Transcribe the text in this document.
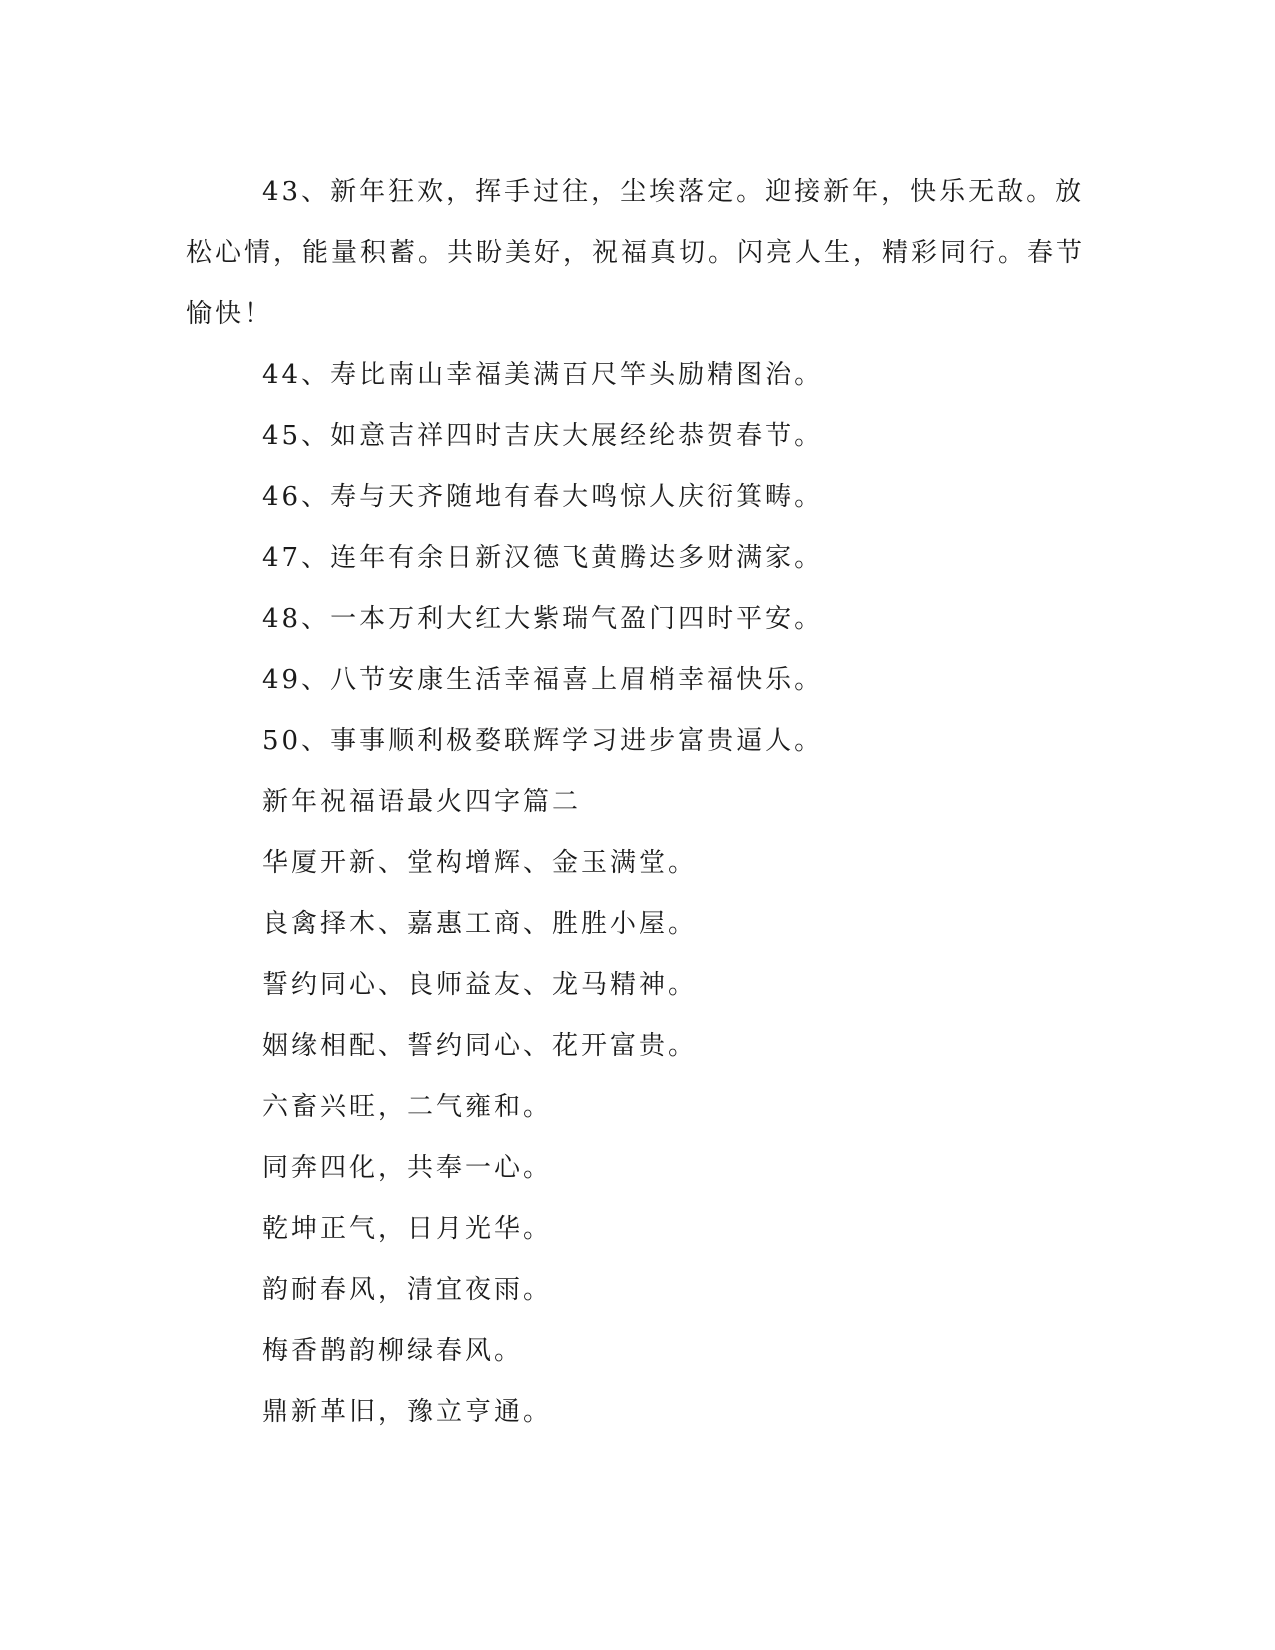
43、新年狂欢，挥手过往，尘埃落定。迎接新年，快乐无敌。放松心情，能量积蓄。共盼美好，祝福真切。闪亮人生，精彩同行。春节愉快！

44、寿比南山幸福美满百尺竿头励精图治。

45、如意吉祥四时吉庆大展经纶恭贺春节。

46、寿与天齐随地有春大鸣惊人庆衍箕畴。

47、连年有余日新汉德飞黄腾达多财满家。

48、一本万利大红大紫瑞气盈门四时平安。

49、八节安康生活幸福喜上眉梢幸福快乐。

50、事事顺利极婺联辉学习进步富贵逼人。

新年祝福语最火四字篇二

华厦开新、堂构增辉、金玉满堂。

良禽择木、嘉惠工商、胜胜小屋。

誓约同心、良师益友、龙马精神。

姻缘相配、誓约同心、花开富贵。

六畜兴旺，二气雍和。

同奔四化，共奉一心。

乾坤正气，日月光华。

韵耐春风，清宜夜雨。

梅香鹊韵柳绿春风。

鼎新革旧，豫立亨通。
